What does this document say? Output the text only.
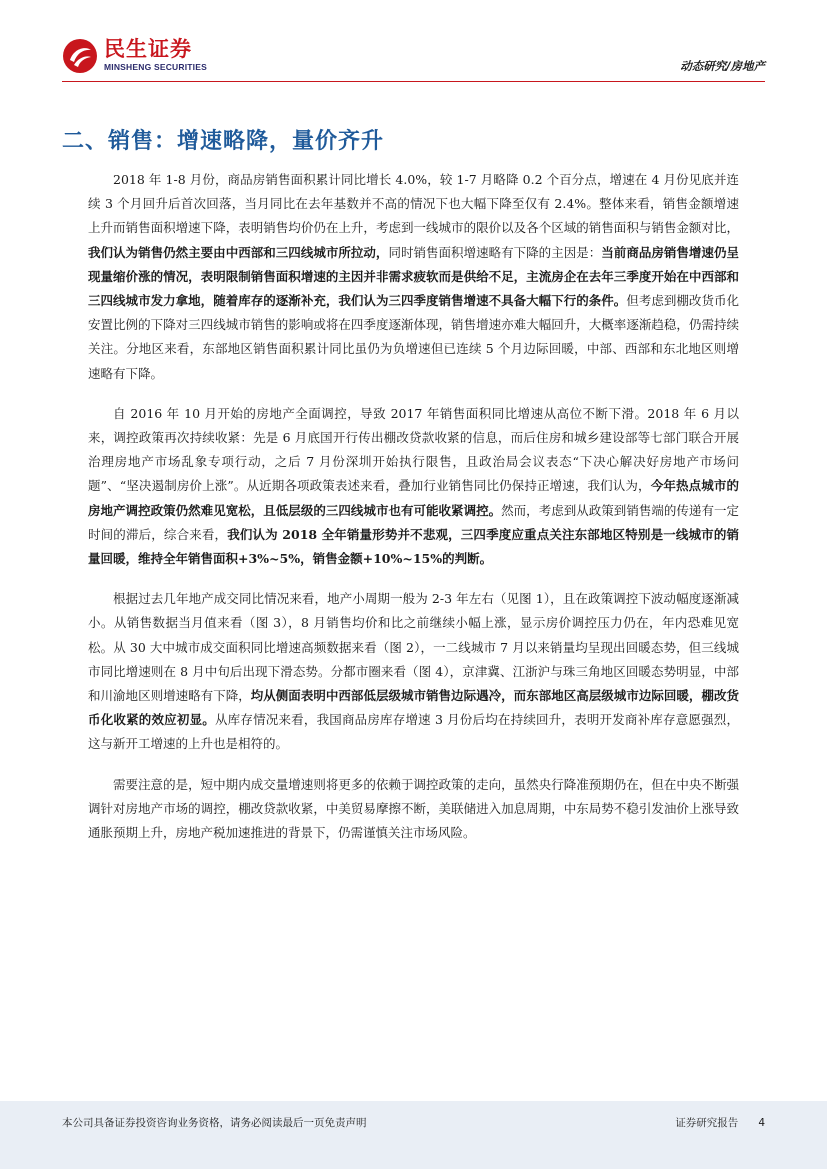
民生证券
MINSHENG SECURITIES	动态研究/房地产
二、销售：增速略降，量价齐升

2018 年 1-8 月份，商品房销售面积累计同比增长 4.0%，较 1-7 月略降 0.2 个百分点，增速在 4 月份见底并连续 3 个月回升后首次回落，当月同比在去年基数并不高的情况下也大幅下降至仅有 2.4%。整体来看，销售金额增速上升而销售面积增速下降，表明销售均价仍在上升，考虑到一线城市的限价以及各个区域的销售面积与销售金额对比，我们认为销售仍然主要由中西部和三四线城市所拉动，同时销售面积增速略有下降的主因是：当前商品房销售增速仍呈现量缩价涨的情况，表明限制销售面积增速的主因并非需求疲软而是供给不足，主流房企在去年三季度开始在中西部和三四线城市发力拿地，随着库存的逐渐补充，我们认为三四季度销售增速不具备大幅下行的条件。但考虑到棚改货币化安置比例的下降对三四线城市销售的影响或将在四季度逐渐体现，销售增速亦难大幅回升，大概率逐渐趋稳，仍需持续关注。分地区来看，东部地区销售面积累计同比虽仍为负增速但已连续 5 个月边际回暖，中部、西部和东北地区则增速略有下降。

自 2016 年 10 月开始的房地产全面调控，导致 2017 年销售面积同比增速从高位不断下滑。2018 年 6 月以来，调控政策再次持续收紧：先是 6 月底国开行传出棚改贷款收紧的信息，而后住房和城乡建设部等七部门联合开展治理房地产市场乱象专项行动，之后 7 月份深圳开始执行限售，且政治局会议表态“下决心解决好房地产市场问题”、“坚决遏制房价上涨”。从近期各项政策表述来看，叠加行业销售同比仍保持正增速，我们认为，今年热点城市的房地产调控政策仍然难见宽松，且低层级的三四线城市也有可能收紧调控。然而，考虑到从政策到销售端的传递有一定时间的滞后，综合来看，我们认为 2018 全年销量形势并不悲观，三四季度应重点关注东部地区特别是一线城市的销量回暖，维持全年销售面积+3%~5%，销售金额+10%~15%的判断。

根据过去几年地产成交同比情况来看，地产小周期一般为 2-3 年左右（见图 1），且在政策调控下波动幅度逐渐减小。从销售数据当月值来看（图 3），8 月销售均价和比之前继续小幅上涨，显示房价调控压力仍在，年内恐难见宽松。从 30 大中城市成交面积同比增速高频数据来看（图 2），一二线城市 7 月以来销量均呈现出回暖态势，但三线城市同比增速则在 8 月中旬后出现下滑态势。分都市圈来看（图 4），京津冀、江浙沪与珠三角地区回暖态势明显，中部和川渝地区则增速略有下降，均从侧面表明中西部低层级城市销售边际遇冷，而东部地区高层级城市边际回暖，棚改货币化收紧的效应初显。从库存情况来看，我国商品房库存增速 3 月份后均在持续回升，表明开发商补库存意愿强烈，这与新开工增速的上升也是相符的。

需要注意的是，短中期内成交量增速则将更多的依赖于调控政策的走向，虽然央行降准预期仍在，但在中央不断强调针对房地产市场的调控，棚改贷款收紧，中美贸易摩擦不断，美联储进入加息周期，中东局势不稳引发油价上涨导致通胀预期上升，房地产税加速推进的背景下，仍需谨慎关注市场风险。

本公司具备证券投资咨询业务资格，请务必阅读最后一页免责声明	证券研究报告 4
